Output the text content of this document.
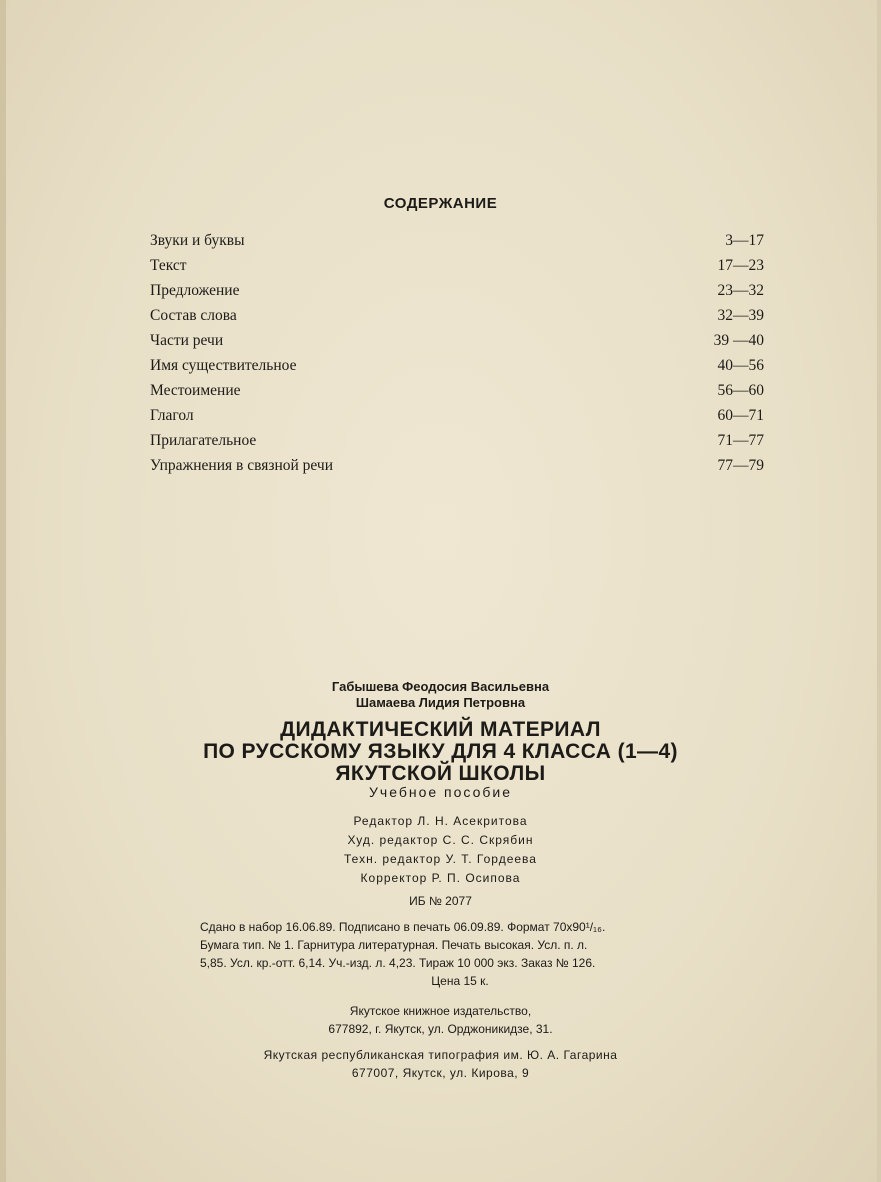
СОДЕРЖАНИЕ
Звуки и буквы	3—17
Текст	17—23
Предложение	23—32
Состав слова	32—39
Части речи	39 —40
Имя существительное	40—56
Местоимение	56—60
Глагол	60—71
Прилагательное	71—77
Упражнения в связной речи	77—79
Габышева Феодосия Васильевна
Шамаева Лидия Петровна
ДИДАКТИЧЕСКИЙ МАТЕРИАЛ
ПО РУССКОМУ ЯЗЫКУ ДЛЯ 4 КЛАССА (1—4)
ЯКУТСКОЙ ШКОЛЫ
Учебное пособие
Редактор Л. Н. Асекритова
Худ. редактор С. С. Скрябин
Техн. редактор У. Т. Гордеева
Корректор Р. П. Осипова
ИБ № 2077
Сдано в набор 16.06.89. Подписано в печать 06.09.89. Формат 70х90¹/₁₆.
Бумага тип. № 1. Гарнитура литературная. Печать высокая. Усл. п. л.
5,85. Усл. кр.-отт. 6,14. Уч.-изд. л. 4,23. Тираж 10 000 экз. Заказ № 126.
Цена 15 к.
Якутское книжное издательство,
677892, г. Якутск, ул. Орджоникидзе, 31.
Якутская республиканская типография им. Ю. А. Гагарина
677007, Якутск, ул. Кирова, 9
